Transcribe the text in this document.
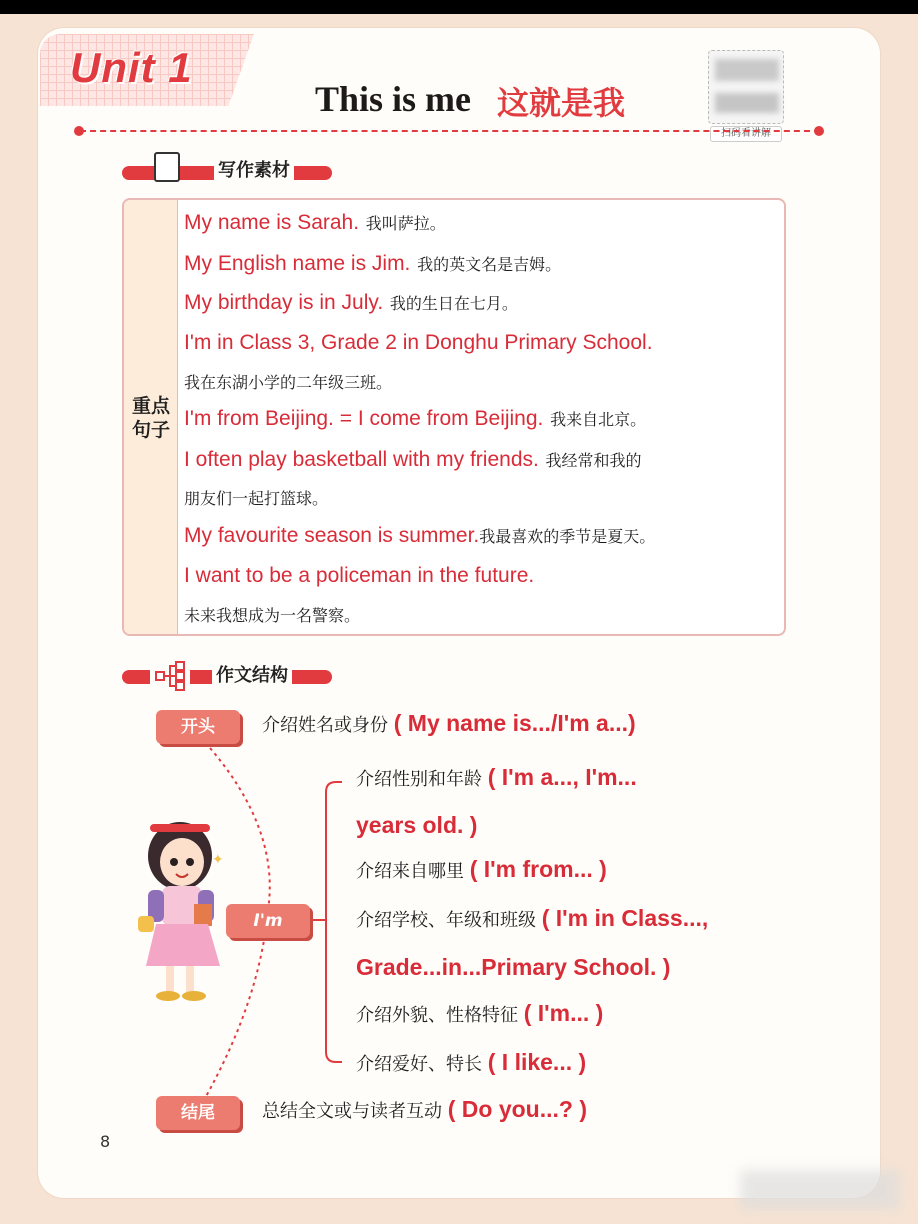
Unit 1
This is me 这就是我
扫码看讲解
写作素材
重点
句子
My name is Sarah. 我叫萨拉。
My English name is Jim. 我的英文名是吉姆。
My birthday is in July. 我的生日在七月。
I'm in Class 3, Grade 2 in Donghu Primary School.
我在东湖小学的二年级三班。
I'm from Beijing. = I come from Beijing. 我来自北京。
I often play basketball with my friends. 我经常和我的
朋友们一起打篮球。
My favourite season is summer.我最喜欢的季节是夏天。
I want to be a policeman in the future.
未来我想成为一名警察。
作文结构
开头	介绍姓名或身份 ( My name is.../I'm a...)
✦
I'm
介绍性别和年龄 ( I'm a..., I'm...
years old. )
介绍来自哪里 ( I'm from... )
介绍学校、年级和班级 ( I'm in Class...,
Grade...in...Primary School. )
介绍外貌、性格特征 ( I'm... )
介绍爱好、特长 ( I like... )
结尾	总结全文或与读者互动 ( Do you...? )
8
